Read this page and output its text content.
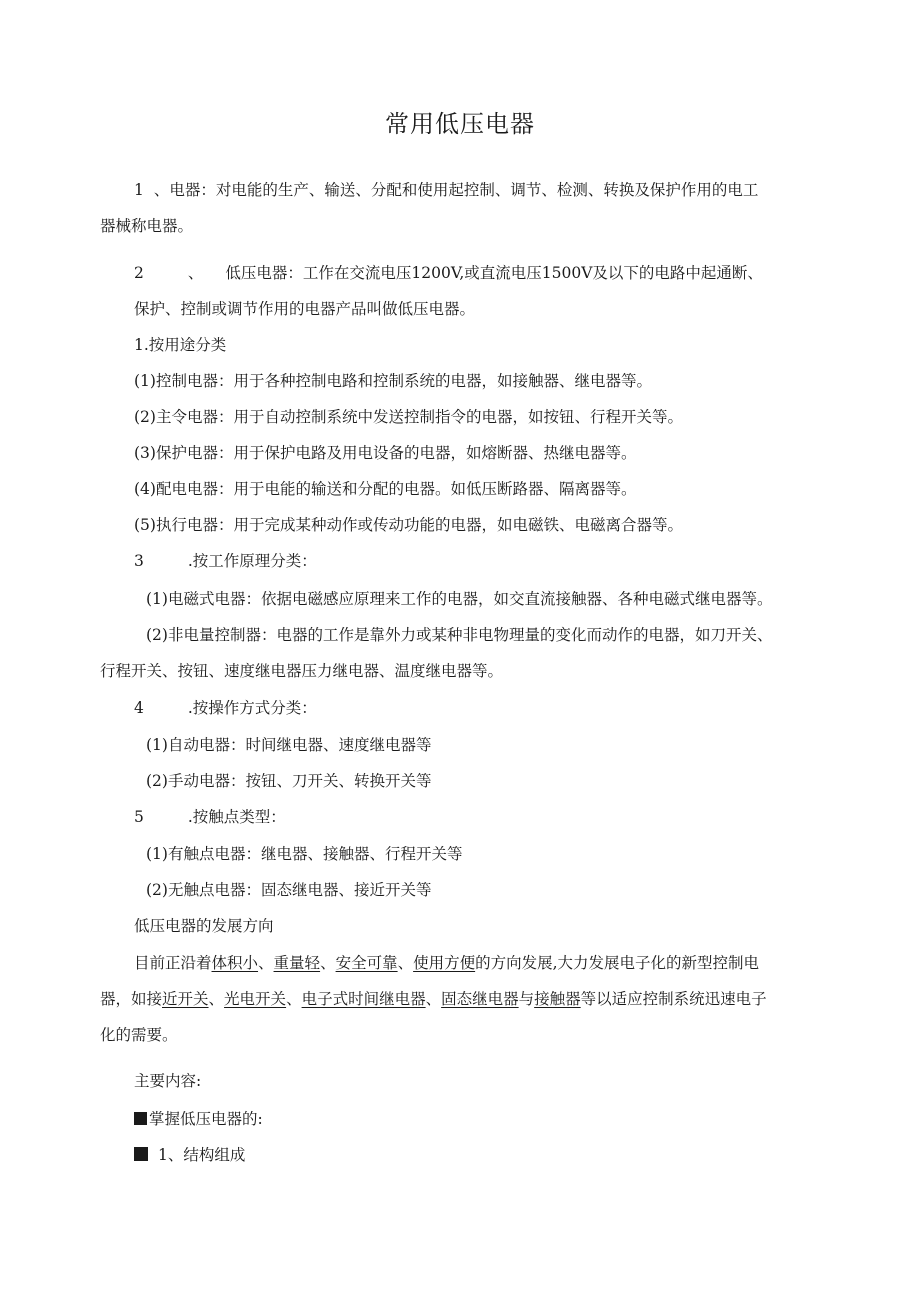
常用低压电器
1 、电器：对电能的生产、输送、分配和使用起控制、调节、检测、转换及保护作用的电工
器械称电器。
2	、 低压电器：工作在交流电压1200V,或直流电压1500V及以下的电路中起通断、
保护、控制或调节作用的电器产品叫做低压电器。
1.按用途分类
(1)控制电器：用于各种控制电路和控制系统的电器，如接触器、继电器等。
(2)主令电器：用于自动控制系统中发送控制指令的电器，如按钮、行程开关等。
(3)保护电器：用于保护电路及用电设备的电器，如熔断器、热继电器等。
(4)配电电器：用于电能的输送和分配的电器。如低压断路器、隔离器等。
(5)执行电器：用于完成某种动作或传动功能的电器，如电磁铁、电磁离合器等。
3	.按工作原理分类：
(1)电磁式电器：依据电磁感应原理来工作的电器，如交直流接触器、各种电磁式继电器等。
(2)非电量控制器：电器的工作是靠外力或某种非电物理量的变化而动作的电器，如刀开关、
行程开关、按钮、速度继电器压力继电器、温度继电器等。
4	.按操作方式分类：
(1)自动电器：时间继电器、速度继电器等
(2)手动电器：按钮、刀开关、转换开关等
5	.按触点类型：
(1)有触点电器：继电器、接触器、行程开关等
(2)无触点电器：固态继电器、接近开关等
低压电器的发展方向
目前正沿着体积小、重量轻、安全可靠、使用方便的方向发展,大力发展电子化的新型控制电
器，如接近开关、光电开关、电子式时间继电器、固态继电器与接触器等以适应控制系统迅速电子
化的需要。
主要内容:
掌握低压电器的:
1、结构组成
